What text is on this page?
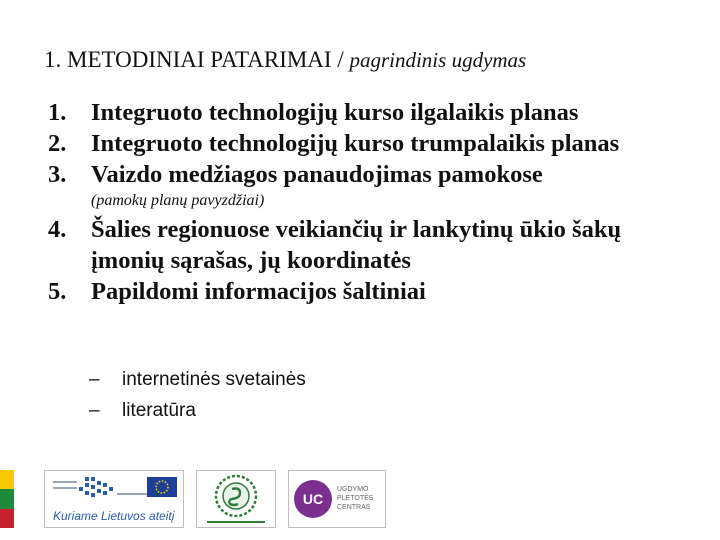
1. METODINIAI PATARIMAI / pagrindinis ugdymas
1. Integruoto technologijų kurso ilgalaikis planas
2. Integruoto technologijų kurso trumpalaikis planas
3. Vaizdo medžiagos panaudojimas pamokose
(pamokų planų pavyzdžiai)
4. Šalies regionuose veikiančių ir lankytinų ūkio šakų įmonių sąrašas, jų koordinatės
5. Papildomi informacijos šaltiniai
– internetinės svetainės
– literatūra
Kuriame Lietuvos ateitį
UC
UGDYMO
PLĖTOTĖS
CENTRAS
